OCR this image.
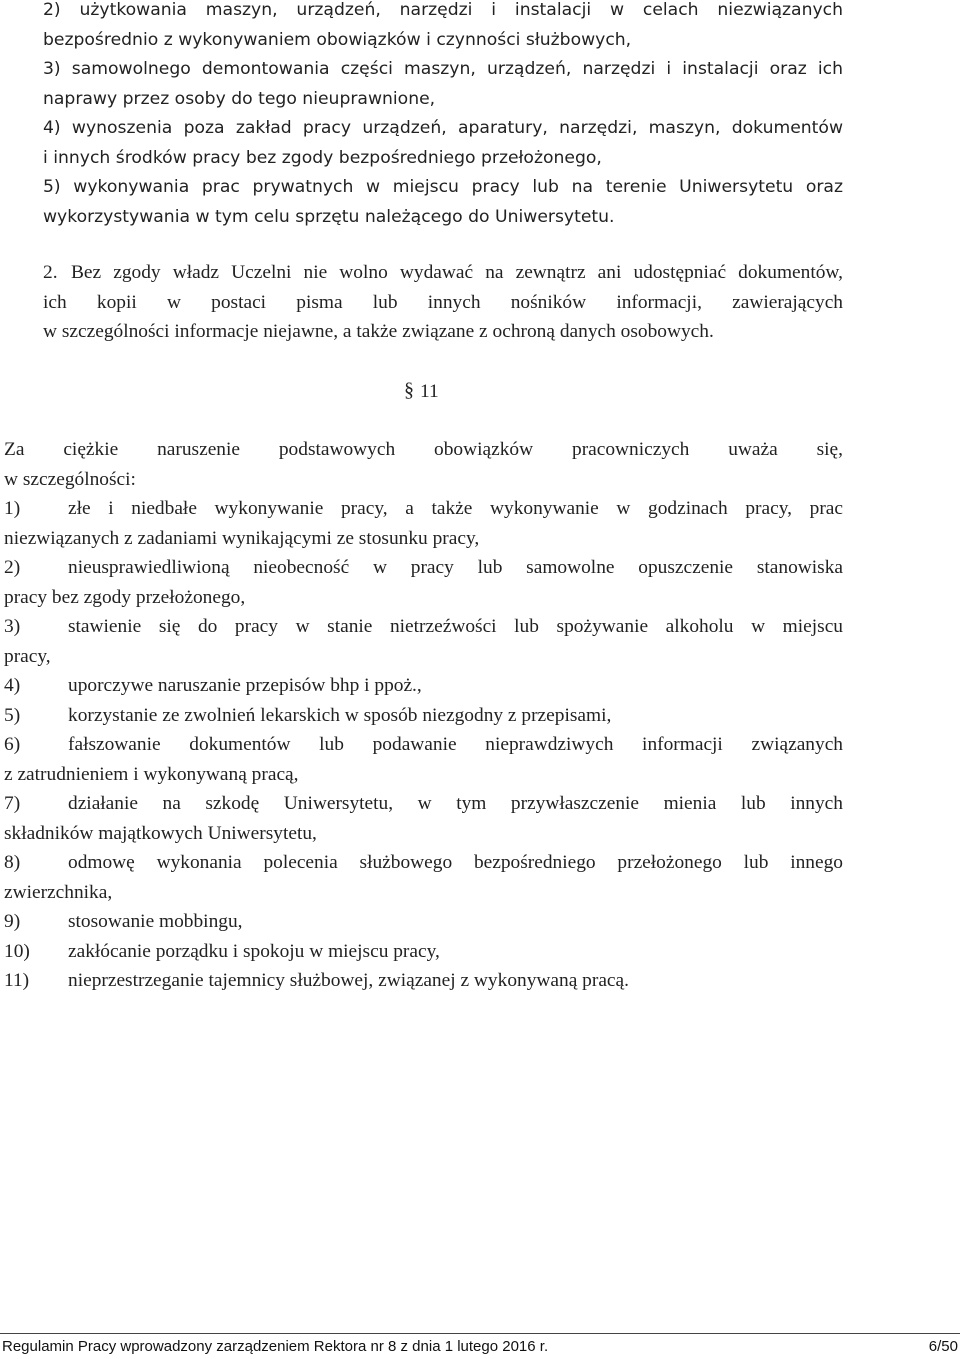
2) użytkowania maszyn, urządzeń, narzędzi i instalacji w celach niezwiązanych
bezpośrednio z wykonywaniem obowiązków i czynności służbowych,
3) samowolnego demontowania części maszyn, urządzeń, narzędzi i instalacji oraz ich
naprawy przez osoby do tego nieuprawnione,
4) wynoszenia poza zakład pracy urządzeń, aparatury, narzędzi, maszyn, dokumentów
i innych środków pracy bez zgody bezpośredniego przełożonego,
5) wykonywania prac prywatnych w miejscu pracy lub na terenie Uniwersytetu oraz
wykorzystywania w tym celu sprzętu należącego do Uniwersytetu.
2. Bez zgody władz Uczelni nie wolno wydawać na zewnątrz ani udostępniać dokumentów,
ich kopii w postaci pisma lub innych nośników informacji, zawierających
w szczególności informacje niejawne, a także związane z ochroną danych osobowych.
§ 11
Za ciężkie naruszenie podstawowych obowiązków pracowniczych uważa się,
w szczególności:
1) złe i niedbałe wykonywanie pracy, a także wykonywanie w godzinach pracy, prac
niezwiązanych z zadaniami wynikającymi ze stosunku pracy,
2) nieusprawiedliwioną nieobecność w pracy lub samowolne opuszczenie stanowiska
pracy bez zgody przełożonego,
3) stawienie się do pracy w stanie nietrzeźwości lub spożywanie alkoholu w miejscu
pracy,
4) uporczywe naruszanie przepisów bhp i ppoż.,
5) korzystanie ze zwolnień lekarskich w sposób niezgodny z przepisami,
6) fałszowanie dokumentów lub podawanie nieprawdziwych informacji związanych
z zatrudnieniem i wykonywaną pracą,
7) działanie na szkodę Uniwersytetu, w tym przywłaszczenie mienia lub innych
składników majątkowych Uniwersytetu,
8) odmowę wykonania polecenia służbowego bezpośredniego przełożonego lub innego
zwierzchnika,
9) stosowanie mobbingu,
10) zakłócanie porządku i spokoju w miejscu pracy,
11) nieprzestrzeganie tajemnicy służbowej, związanej z wykonywaną pracą.
Regulamin Pracy wprowadzony zarządzeniem Rektora nr 8 z dnia 1 lutego 2016 r.	6/50
